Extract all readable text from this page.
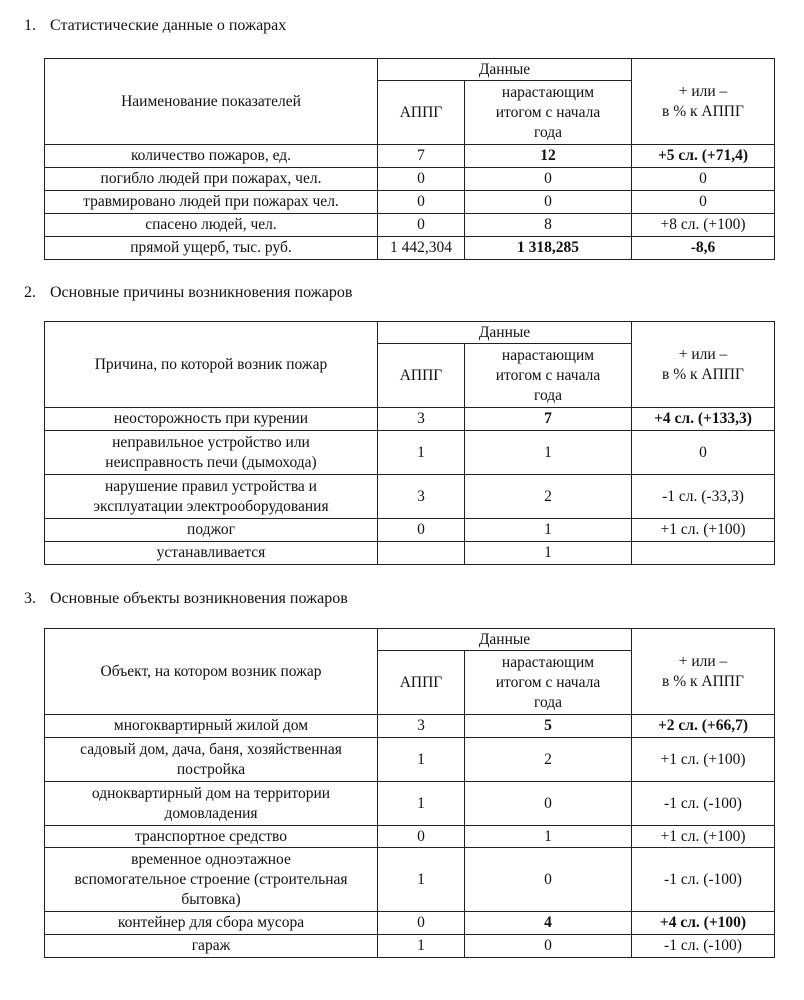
1. Статистические данные о пожарах
Наименование показателей	Данные		+ или –
в % к АППГ

	АППГ	нарастающим
итогом с начала
года	

количество пожаров, ед.	7	12	+5 сл. (+71,4)

погибло людей при пожарах, чел.	0	0	0

травмировано людей при пожарах чел.	0	0	0

спасено людей, чел.	0	8	+8 сл. (+100)

прямой ущерб, тыс. руб.	1 442,304	1 318,285	-8,6
2. Основные причины возникновения пожаров
Причина, по которой возник пожар	Данные		+ или –
в % к АППГ

	АППГ	нарастающим
итогом с начала
года	

неосторожность при курении	3	7	+4 сл. (+133,3)

неправильное устройство или
неисправность печи (дымохода)	1	1	0

нарушение правил устройства и
эксплуатации электрооборудования	3	2	-1 сл. (-33,3)

поджог	0	1	+1 сл. (+100)

устанавливается		1	
3. Основные объекты возникновения пожаров
Объект, на котором возник пожар	Данные		+ или –
в % к АППГ

	АППГ	нарастающим
итогом с начала
года	

многоквартирный жилой дом	3	5	+2 сл. (+66,7)

садовый дом, дача, баня, хозяйственная
постройка	1	2	+1 сл. (+100)

одноквартирный дом на территории
домовладения	1	0	-1 сл. (-100)

транспортное средство	0	1	+1 сл. (+100)

временное одноэтажное
вспомогательное строение (строительная
бытовка)	1	0	-1 сл. (-100)

контейнер для сбора мусора	0	4	+4 сл. (+100)

гараж	1	0	-1 сл. (-100)
